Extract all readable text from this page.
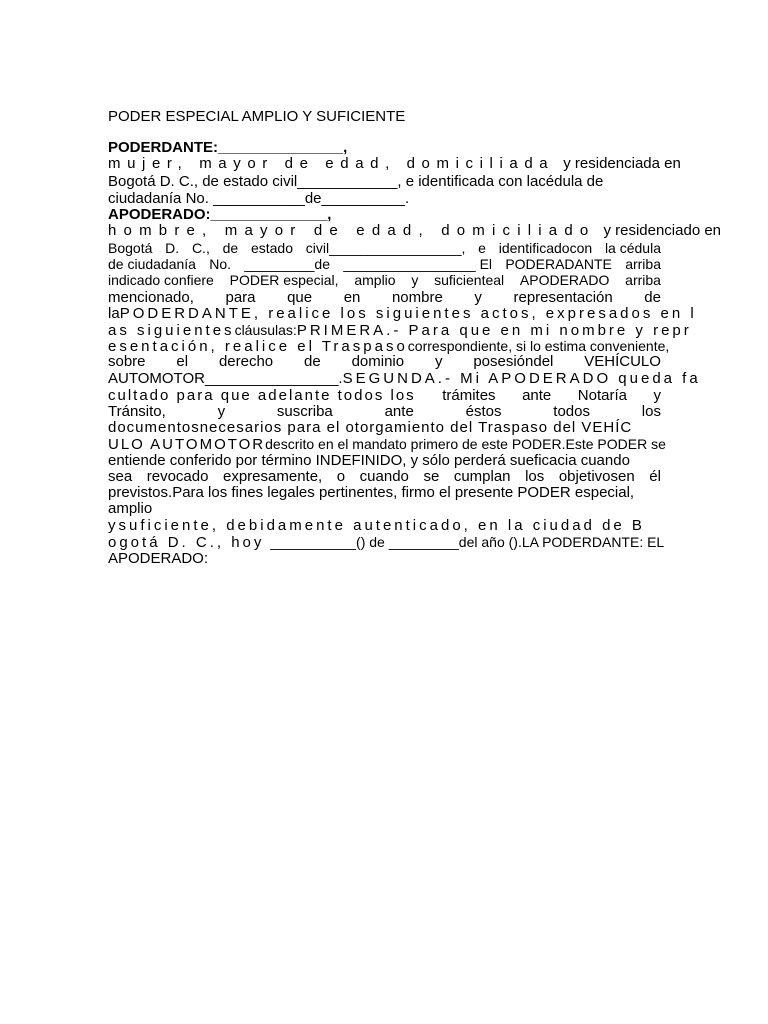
PODER ESPECIAL AMPLIO Y SUFICIENTE
PODERDANTE:_______________,
mujer, mayor de edad, domiciliada y residenciada en
Bogotá D. C., de estado civil____________, e identificada con lacédula de
ciudadanía No. ___________de__________.
APODERADO:______________,
hombre, mayor de edad, domiciliado y residenciado en
Bogotá D. C., de estado civil_________________, e identificadocon la cédula
de ciudadanía No. _________de _________________ El PODERADANTE arriba
indicado confiere PODER especial, amplio y suficienteal APODERADO arriba
mencionado, para que en nombre y representación de
la PODERDANTE, realice los siguientes actos, expresados en l
as siguientes cláusulas: PRIMERA.- Para que en mi nombre y repr
esentación, realice el Traspaso correspondiente, si lo estima conveniente,
sobre el derecho de dominio y posesióndel VEHÍCULO
AUTOMOTOR________________. SEGUNDA.- Mi APODERADO queda fa
cultado para que adelante todos los trámites ante Notaría y
Tránsito,	y	suscriba	ante	éstos	todos	los
documentosnecesarios para el otorgamiento del Traspaso del VEHÍC
ULO AUTOMOTOR descrito en el mandato primero de este PODER.Este PODER se
entiende conferido por término INDEFINIDO, y sólo perderá sueficacia cuando
sea revocado expresamente, o cuando se cumplan los objetivosen él
previstos.Para los fines legales pertinentes, firmo el presente PODER especial,
amplio
ysuficiente, debidamente autenticado, en la ciudad de B
ogotá D. C., hoy ___________() de _________del año ().LA PODERDANTE: EL
APODERADO:
